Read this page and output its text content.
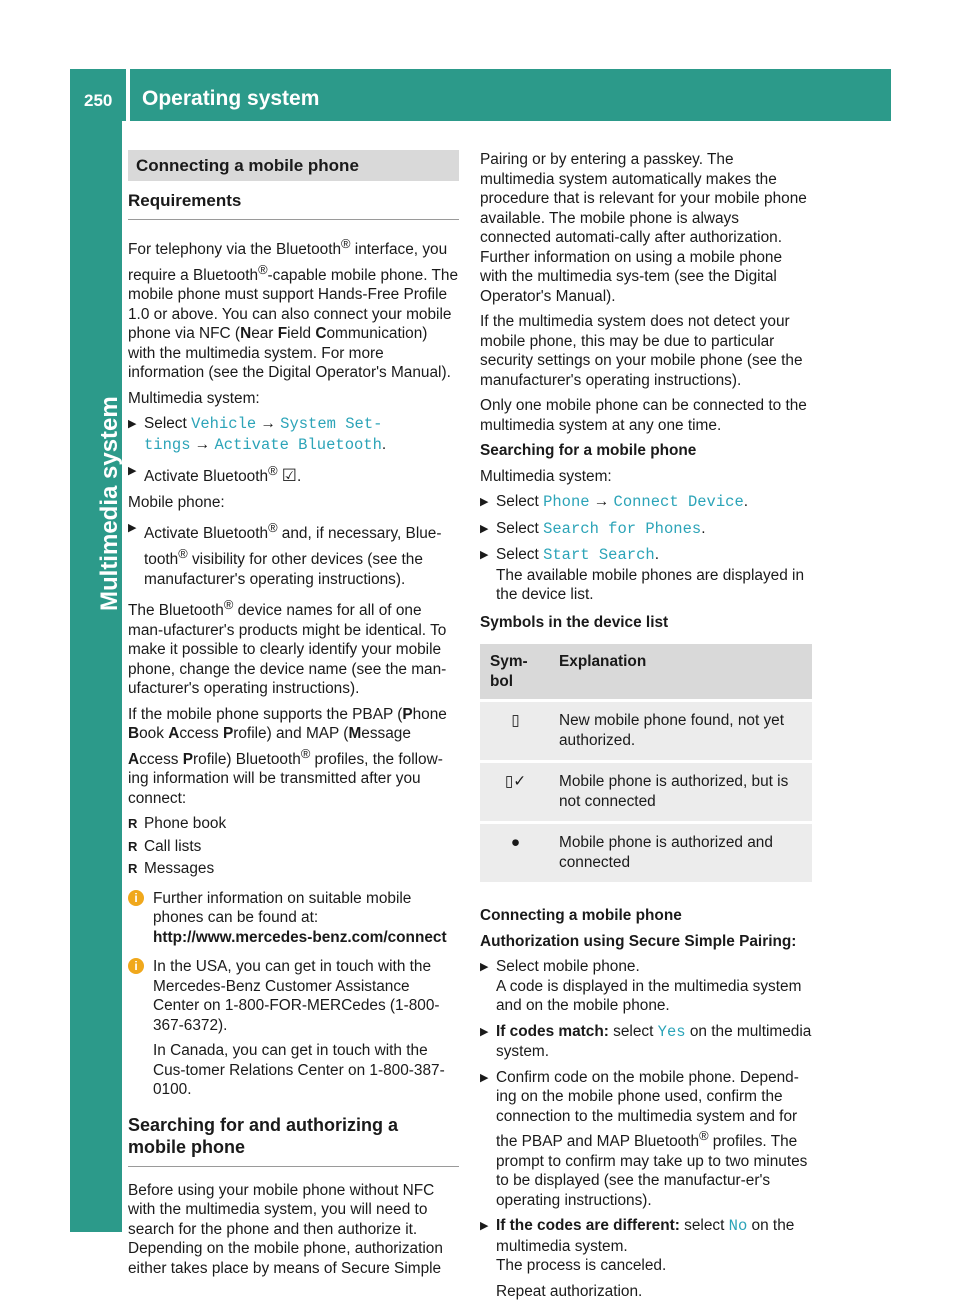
250 Operating system
Multimedia system
Connecting a mobile phone
Requirements

For telephony via the Bluetooth® interface, you require a Bluetooth®-capable mobile phone. The mobile phone must support Hands-Free Profile 1.0 or above. You can also connect your mobile phone via NFC (Near Field Communication) with the multimedia system. For more information (see the Digital Operator's Manual).

Multimedia system:

▶ Select Vehicle → System Set-
tings → Activate Bluetooth.
▶ Activate Bluetooth® ☑.

Mobile phone:

▶ Activate Bluetooth® and, if necessary, Blue-tooth® visibility for other devices (see the manufacturer's operating instructions).

The Bluetooth® device names for all of one man-ufacturer's products might be identical. To make it possible to clearly identify your mobile phone, change the device name (see the man-ufacturer's operating instructions).

If the mobile phone supports the PBAP (Phone Book Access Profile) and MAP (Message Access Profile) Bluetooth® profiles, the follow-ing information will be transmitted after you connect:

R Phone book
R Call lists
R Messages
i Further information on suitable mobile phones can be found at: http://www.mercedes-benz.com/connect
i In the USA, you can get in touch with the Mercedes-Benz Customer Assistance Center on 1-800-FOR-MERCedes (1-800-367-6372).
In Canada, you can get in touch with the Cus-tomer Relations Center on 1-800-387-0100.
Searching for and authorizing a mobile phone

Before using your mobile phone without NFC with the multimedia system, you will need to search for the phone and then authorize it. Depending on the mobile phone, authorization either takes place by means of Secure Simple

Pairing or by entering a passkey. The multimedia system automatically makes the procedure that is relevant for your mobile phone available. The mobile phone is always connected automati-cally after authorization. Further information on using a mobile phone with the multimedia sys-tem (see the Digital Operator's Manual).

If the multimedia system does not detect your mobile phone, this may be due to particular security settings on your mobile phone (see the manufacturer's operating instructions).

Only one mobile phone can be connected to the multimedia system at any one time.

Searching for a mobile phone

Multimedia system:

▶ Select Phone → Connect Device.
▶ Select Search for Phones.
▶ Select Start Search.
The available mobile phones are displayed in the device list.

Symbols in the device list

Sym-bol	Explanation
▯	New mobile phone found, not yet authorized.
▯✓	Mobile phone is authorized, but is not connected
●	Mobile phone is authorized and connected

Connecting a mobile phone

Authorization using Secure Simple Pairing:

▶ Select mobile phone.
A code is displayed in the multimedia system and on the mobile phone.
▶ If codes match: select Yes on the multimedia system.
▶ Confirm code on the mobile phone. Depend-ing on the mobile phone used, confirm the connection to the multimedia system and for the PBAP and MAP Bluetooth® profiles. The prompt to confirm may take up to two minutes to be displayed (see the manufactur-er's operating instructions).
▶ If the codes are different: select No on the multimedia system.
The process is canceled.
Repeat authorization.
